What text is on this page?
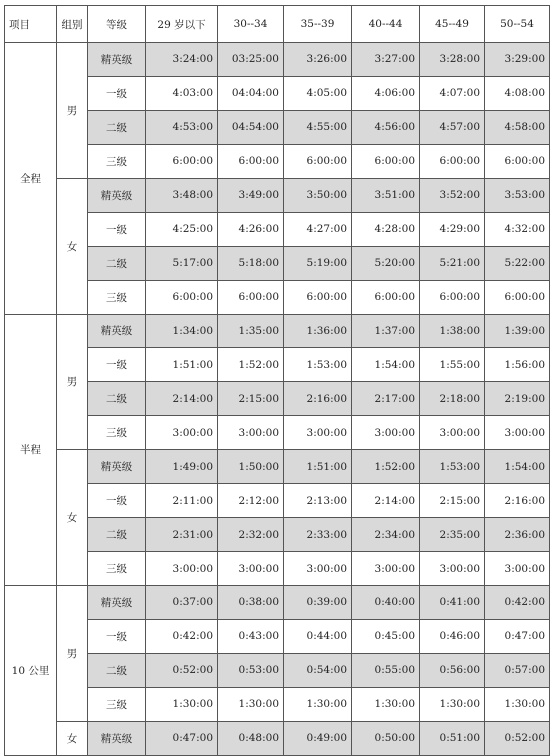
项目	组别	等级	29 岁以下	30--34	35--39	40--44	45--49	50--54
全程	男	精英级	3:24:00	03:25:00	3:26:00	3:27:00	3:28:00	3:29:00
		一级	4:03:00	04:04:00	4:05:00	4:06:00	4:07:00	4:08:00
		二级	4:53:00	04:54:00	4:55:00	4:56:00	4:57:00	4:58:00
		三级	6:00:00	6:00:00	6:00:00	6:00:00	6:00:00	6:00:00
	女	精英级	3:48:00	3:49:00	3:50:00	3:51:00	3:52:00	3:53:00
		一级	4:25:00	4:26:00	4:27:00	4:28:00	4:29:00	4:32:00
		二级	5:17:00	5:18:00	5:19:00	5:20:00	5:21:00	5:22:00
		三级	6:00:00	6:00:00	6:00:00	6:00:00	6:00:00	6:00:00
半程	男	精英级	1:34:00	1:35:00	1:36:00	1:37:00	1:38:00	1:39:00
		一级	1:51:00	1:52:00	1:53:00	1:54:00	1:55:00	1:56:00
		二级	2:14:00	2:15:00	2:16:00	2:17:00	2:18:00	2:19:00
		三级	3:00:00	3:00:00	3:00:00	3:00:00	3:00:00	3:00:00
	女	精英级	1:49:00	1:50:00	1:51:00	1:52:00	1:53:00	1:54:00
		一级	2:11:00	2:12:00	2:13:00	2:14:00	2:15:00	2:16:00
		二级	2:31:00	2:32:00	2:33:00	2:34:00	2:35:00	2:36:00
		三级	3:00:00	3:00:00	3:00:00	3:00:00	3:00:00	3:00:00
10 公里	男	精英级	0:37:00	0:38:00	0:39:00	0:40:00	0:41:00	0:42:00
		一级	0:42:00	0:43:00	0:44:00	0:45:00	0:46:00	0:47:00
		二级	0:52:00	0:53:00	0:54:00	0:55:00	0:56:00	0:57:00
		三级	1:30:00	1:30:00	1:30:00	1:30:00	1:30:00	1:30:00
	女	精英级	0:47:00	0:48:00	0:49:00	0:50:00	0:51:00	0:52:00
